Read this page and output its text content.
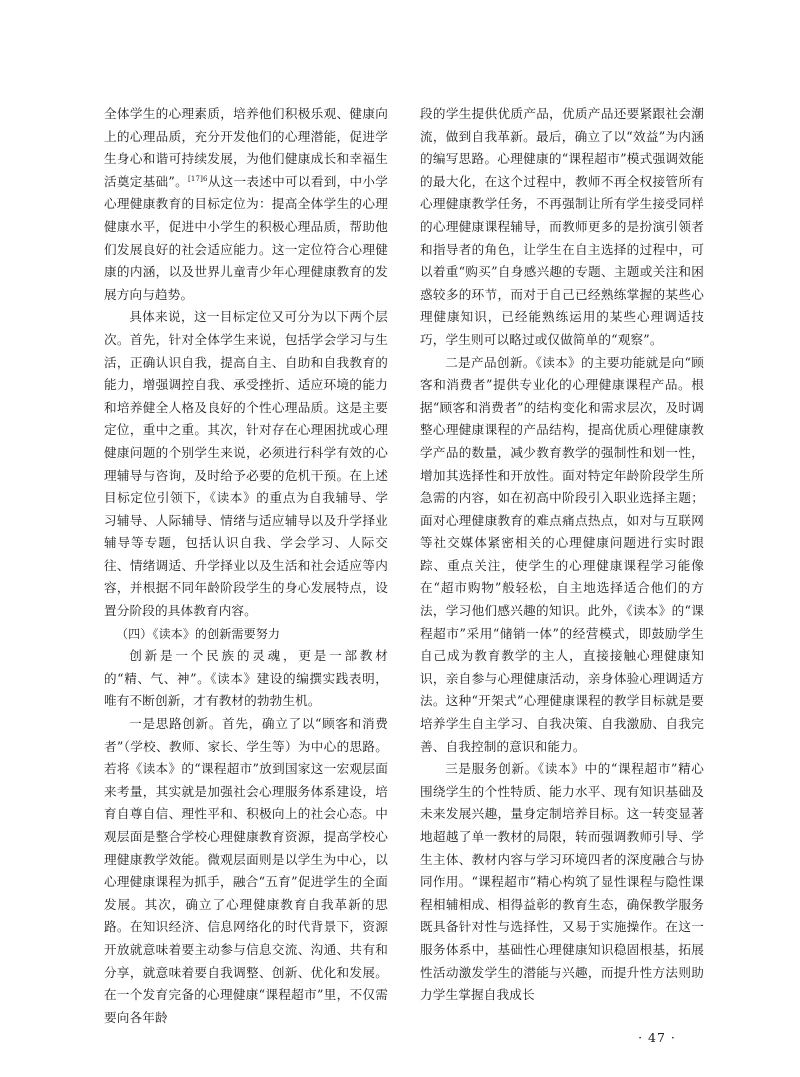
全体学生的心理素质，培养他们积极乐观、健康向上的心理品质，充分开发他们的心理潜能，促进学生身心和谐可持续发展，为他们健康成长和幸福生活奠定基础”。$^{[17]6}$从这一表述中可以看到，中小学心理健康教育的目标定位为：提高全体学生的心理健康水平，促进中小学生的积极心理品质，帮助他们发展良好的社会适应能力。这一定位符合心理健康的内涵，以及世界儿童青少年心理健康教育的发展方向与趋势。

具体来说，这一目标定位又可分为以下两个层次。首先，针对全体学生来说，包括学会学习与生活，正确认识自我，提高自主、自助和自我教育的能力，增强调控自我、承受挫折、适应环境的能力和培养健全人格及良好的个性心理品质。这是主要定位，重中之重。其次，针对存在心理困扰或心理健康问题的个别学生来说，必须进行科学有效的心理辅导与咨询，及时给予必要的危机干预。在上述目标定位引领下，《读本》的重点为自我辅导、学习辅导、人际辅导、情绪与适应辅导以及升学择业辅导等专题，包括认识自我、学会学习、人际交往、情绪调适、升学择业以及生活和社会适应等内容，并根据不同年龄阶段学生的身心发展特点，设置分阶段的具体教育内容。

（四）《读本》的创新需要努力

创新是一个民族的灵魂，更是一部教材的“精、气、神”。《读本》建设的编撰实践表明，唯有不断创新，才有教材的勃勃生机。

一是思路创新。首先，确立了以“顾客和消费者”（学校、教师、家长、学生等）为中心的思路。若将《读本》的“课程超市”放到国家这一宏观层面来考量，其实就是加强社会心理服务体系建设，培育自尊自信、理性平和、积极向上的社会心态。中观层面是整合学校心理健康教育资源，提高学校心理健康教学效能。微观层面则是以学生为中心，以心理健康课程为抓手，融合“五育”促进学生的全面发展。其次，确立了心理健康教育自我革新的思路。在知识经济、信息网络化的时代背景下，资源开放就意味着要主动参与信息交流、沟通、共有和分享，就意味着要自我调整、创新、优化和发展。在一个发育完备的心理健康“课程超市”里，不仅需要向各年龄

段的学生提供优质产品，优质产品还要紧跟社会潮流，做到自我革新。最后，确立了以“效益”为内涵的编写思路。心理健康的“课程超市”模式强调效能的最大化，在这个过程中，教师不再全权接管所有心理健康教学任务，不再强制让所有学生接受同样的心理健康课程辅导，而教师更多的是扮演引领者和指导者的角色，让学生在自主选择的过程中，可以着重“购买”自身感兴趣的专题、主题或关注和困惑较多的环节，而对于自己已经熟练掌握的某些心理健康知识，已经能熟练运用的某些心理调适技巧，学生则可以略过或仅做简单的“观察”。

二是产品创新。《读本》的主要功能就是向“顾客和消费者”提供专业化的心理健康课程产品。根据“顾客和消费者”的结构变化和需求层次，及时调整心理健康课程的产品结构，提高优质心理健康教学产品的数量，减少教育教学的强制性和划一性，增加其选择性和开放性。面对特定年龄阶段学生所急需的内容，如在初高中阶段引入职业选择主题；面对心理健康教育的难点痛点热点，如对与互联网等社交媒体紧密相关的心理健康问题进行实时跟踪、重点关注，使学生的心理健康课程学习能像在“超市购物”般轻松，自主地选择适合他们的方法，学习他们感兴趣的知识。此外，《读本》的“课程超市”采用“储销一体”的经营模式，即鼓励学生自己成为教育教学的主人，直接接触心理健康知识，亲自参与心理健康活动，亲身体验心理调适方法。这种“开架式”心理健康课程的教学目标就是要培养学生自主学习、自我决策、自我激励、自我完善、自我控制的意识和能力。

三是服务创新。《读本》中的“课程超市”精心围绕学生的个性特质、能力水平、现有知识基础及未来发展兴趣，量身定制培养目标。这一转变显著地超越了单一教材的局限，转而强调教师引导、学生主体、教材内容与学习环境四者的深度融合与协同作用。“课程超市”精心构筑了显性课程与隐性课程相辅相成、相得益彰的教育生态，确保教学服务既具备针对性与选择性，又易于实施操作。在这一服务体系中，基础性心理健康知识稳固根基，拓展性活动激发学生的潜能与兴趣，而提升性方法则助力学生掌握自我成长

· 47 ·
